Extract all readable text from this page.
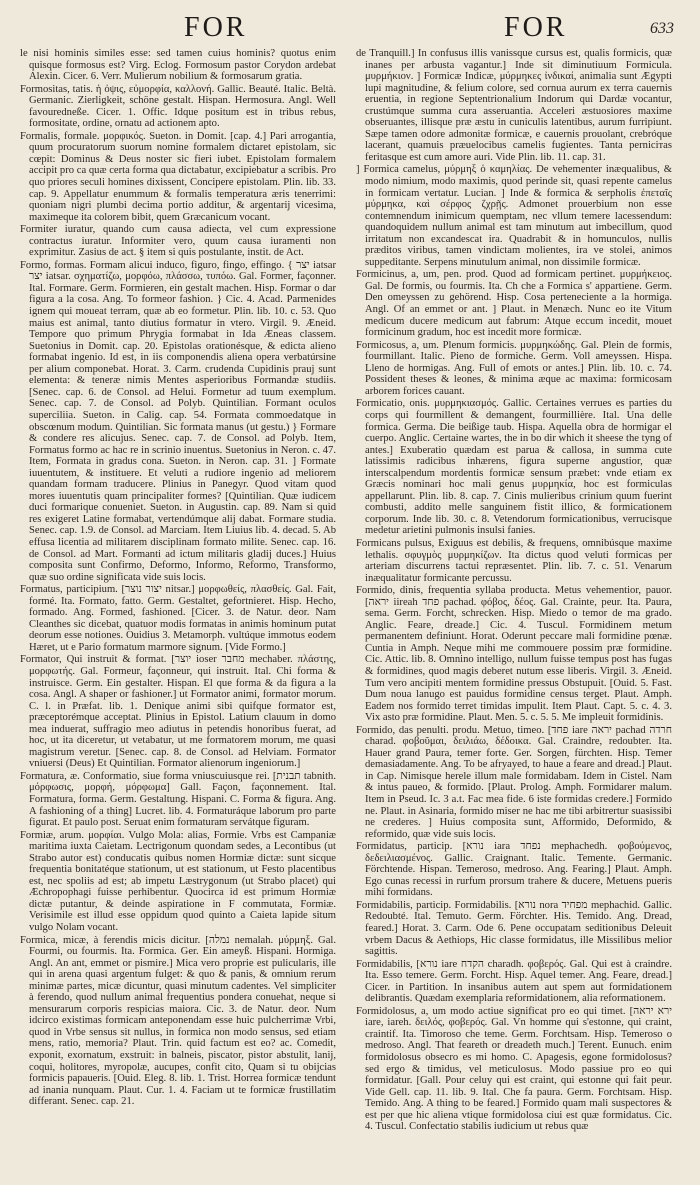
FOR	FOR	633

le nisi hominis similes esse: sed tamen cuius hominis? quotus enim quisque formosus est? Virg. Eclog. Formosum pastor Corydon ardebat Alexin. Cicer. 6. Verr. Mulierum nobilium & formosarum gratia.

Formositas, tatis. ἡ ὀψις, εὐμορφία, καλλονή. Gallic. Beauté. Italic. Beltà. Germanic. Zierligkeit, schöne gestalt. Hispan. Hermosura. Angl. Well favouredneße. Cicer. 1. Offic. Idque positum est in tribus rebus, formositate, ordine, ornatu ad actionem apto.

Formalis, formale. μορφικός. Sueton. in Domit. [cap. 4.] Pari arrogantia, quum procuratorum suorum nomine formalem dictaret epistolam, sic cœpit: Dominus & Deus noster sic fieri iubet. Epistolam formalem accipit pro ca quæ certa forma qua dictabatur, excipiebatur a scribis. Pro quo priores seculi homines dixissent, Concipere epistolam. Plin. lib. 33. cap. 9. Appellatur enummum & formalis temperatura æris tenerrimi: quoniam nigri plumbi decima portio additur, & argentarij vicesima, maximeque ita colorem bibit, quem Græcanicum vocant.

Formiter iuratur, quando cum causa adiecta, vel cum expressione contractus iuratur. Informiter vero, quum causa iuramenti non exprimitur. Zasius de act. § item si quis postulante, instit. de Act.

Formo, formas. Formam alicui induco, figuro, fingo, effingo. { יצר iatsar יצר iatsar. σχηματίζω, μορφόω, πλάσσω, τυπόω. Gal. Former, façonner. Ital. Formare. Germ. Formieren, ein gestalt machen. Hisp. Formar o dar figura a la cosa. Ang. To formeor fashion. } Cic. 4. Acad. Parmenides ignem qui moueat terram, quæ ab eo formetur. Plin. lib. 10. c. 53. Quo maius est animal, tanto diutius formatur in vtero. Virgil. 9. Æneid. Tempore quo primum Phrygia formabat in Ida Æneas classem. Suetonius in Domit. cap. 20. Epistolas orationésque, & edicta alieno formabat ingenio. Id est, in iis componendis aliena opera verbatúrsine per alium componebat. Horat. 3. Carm. crudenda Cupidinis prauj sunt elementa: & teneræ nimis Mentes asperioribus Formandæ studiis. [Senec. cap. 6. de Consol. ad Helui. Formetur ad tuum exemplum. Senec. cap. 7. de Consol. ad Polyb. Quintilian. Formant oculos superciliia. Sueton. in Calig. cap. 54. Formata commoedatque in obscœnum modum. Quintilian. Sic formata manus (ut gestu.) } Formare & condere res alicujus. Senec. cap. 7. de Consol. ad Polyb. Item, Formatus formo ac hac re in scrinio inuentus. Suetonius in Neron. c. 47. Item, Formata in gradus cona. Sueton. in Neron. cap. 31. ] Formate iuuentutem, & instituere. Et veluti a rudiore ingenio ad meliorem quandam formam traducere. Plinius in Panegyr. Quod vitam quod mores iuuentutis quam principaliter formes? [Quintilian. Quæ iudicem duci formarique conueniet. Sueton. in Augustin. cap. 89. Nam si quid res exigeret Latine formabat, vertendúmque alij dabat. Formare studia. Senec. cap. 1.9. de Consol. ad Marciam. Item Liuius lib. 4. decad. 5. Ab effusa licentia ad militarem disciplinam formato milite. Senec. cap. 16. de Consol. ad Mart. Formanti ad ictum militaris gladij duces.] Huius composita sunt Confirmo, Deformo, Informo, Reformo, Transformo, quæ suo ordine significata vide suis locis.

Formatus, participium. [יצור נוצר nitsar.] μορφωθείς, πλασθείς. Gal. Fait, formé. Ita. Formato, fatto. Germ. Gestaltet, gefortnieret. Hisp. Hecho, formado. Ang. Formed, fashioned. [Cicer. 3. de Natur. deor. Nam Cleanthes sic dicebat, quatuor modis formatas in animis hominum putat deorum esse notiones. Ouidius 3. Metamorph. vultúque immotus eodem Hæret, ut e Pario formatum marmore signum. [Vide Formo.]

Formator, Qui instruit & format. [יוצר ioser מחבר mechaber. πλάστης, μορφωτής. Gal. Formeur, façonneur, qui instruit. Ital. Chi forma & instruisce. Germ. Ein gestalter. Hispan. El que forma & da figura a la cosa. Angl. A shaper or fashioner.] ut Formator animi, formator morum. C. l. in Præfat. lib. 1. Denique animi sibi quifque formator est, præceptorémque acceptat. Plinius in Epistol. Latium clauum in domo mea induerat, suffragio meo adiutus in petendis honoribus fuerat, ad hoc, ut ita diceretur, ut vetabatur, ut me formatorem morum, me quasi magistrum veretur. [Senec. cap. 8. de Consol. ad Helviam. Formator vniuersi (Deus) Et Quintilian. Formator alienorum ingeniorum.]

Formatura, æ. Conformatio, siue forma vniuscuiusque rei. [תבנית tabnith. μόρφωσις, μορφή, μόρφωμα] Gall. Façon, façonnement. Ital. Formatura, forma. Germ. Gestaltung. Hispani. C. Forma & figura. Ang. A fashioning of a thing] Lucret. lib. 4. Formaturáque laborum pro parte figurat. Et paulo post. Seruat enim formaturam servátque figuram.

Formiæ, arum. μορφίαι. Vulgo Mola: alias, Formie. Vrbs est Campaniæ maritima iuxta Caietam. Lectrigonum quondam sedes, a Lecontibus (ut Strabo autor est) conducatis quibus nomen Hormiæ dictæ: sunt sicque frequentia bonitatéque stationum, ut est stationum, ut Festo placentibus est, nec spoliis ad est; ab impetu Læstrygonum (ut Strabo placet) qui Æchropophagi fuisse perhibentur. Quocirca id est primum Hormiæ dictæ putantur, & deinde aspiratione in F commutata, Formiæ. Verisimile est illud esse oppidum quod quinto a Caieta lapide situm vulgo Nolam vocant.

Formica, micæ, à ferendis micis dicitur. [נמלה nemalah. μύρμηξ. Gal. Fourmi, ou fourmis. Ita. Formica. Ger. Ein ameyß. Hispani. Hormiga. Angl. An ant, emmet or pismire.] Mica vero proprie est pulicularis, ille qui in arena quasi argentum fulget: & quo & panis, & omnium rerum minimæ partes, micæ dicuntur, quasi minutum cadentes. Vel simpliciter à ferendo, quod nullum animal frequentius pondera conuehat, neque si mensurarum corporis respicias maiora. Cic. 3. de Natur. deor. Num idcirco existimas formicam anteponendam esse huic pulcherrimæ Vrbi, quod in Vrbe sensus sit nullus, in formica non modo sensus, sed etiam mens, ratio, memoria? Plaut. Trin. quid factum est eo? ac. Comedit, exponit, exornatum, exstruit: in balneis, piscator, pistor abstulit, lanij, coqui, holitores, myropolæ, aucupes, confit cito, Quam si tu obijcias formicis papaueris. [Ouid. Eleg. 8. lib. 1. Trist. Horrea formicæ tendunt ad inania nunquam. Plaut. Cur. 1. 4. Faciam ut te formicæ frustillatim differant. Senec. cap. 21.

de Tranquill.] In confusus illis vanissque cursus est, qualis formicis, quæ inanes per arbusta vagantur.] Inde sit diminutiuum Formicula. μυρμήκιον. ] Formicæ Indicæ, μύρμηκες ἰνδικαί, animalia sunt Ægypti lupi magnitudine, & felium colore, sed cornua aurum ex terra cauernis eruentia, in regione Septentrionalium Indorum qui Dardæ vocantur, crustúmque summa cura asseruantia. Acceleri æstuosiores maxime obseruantes, illisque præ æstu in cuniculis latentibus, aurum furripiunt. Sæpe tamen odore admonitæ formicæ, e cauernis prouolant, crebróque lacerant, quamuis præuelocibus camelis fugientes. Tanta perniciтas feritasque est cum amore auri. Vide Plin. lib. 11. cap. 31.

] Formica camelus, μύρμηξ ὁ καμηλίας. De vehementer inæqualibus, & modo nimium, modo maximis, quod perinde sit, quasi repente camelus in formicam vertatur. Lucian. ] Inde & formica & serpholis ἐπεταῖς μύρμηκα, καὶ σέρφος ζχρῇς. Admonet prouerbium non esse contemnendum inimicum quemptam, nec vllum temere lacessendum: quandoquidem nullum animal est tam minutum aut imbecillum, quod irritatum non excandescat ira. Quadrabit & in homunculos, nullis præditos viribus, tamen vindictam molientes, ira ve stolei, animos suppeditante. Serpens minutulum animal, non dissimile formicæ.

Formicinus, a, um, pen. prod. Quod ad formicam pertinet. μυρμήκειος. Gal. De formis, ou fourmis. Ita. Ch che a Formica s' appartiene. Germ. Den omeyssen zu gehörend. Hisp. Cosa perteneciente a la hormiga. Angl. Of an emmet or ant. ] Plaut. in Menæch. Nunc eo ite Vitum medicum ducere medicum aut fabrum: Atque eccum incedit, mouet formicinum gradum, hoc est incedit more formicæ.

Formicosus, a, um. Plenum formicis. μυρμηκώδης. Gal. Plein de formis, fourmillant. Italic. Pieno de formiche. Germ. Voll ameyssen. Hispa. Lleno de hormigas. Ang. Full of emots or antes.] Plin. lib. 10. c. 74. Possident theses & leones, & minima æque ac maxima: formicosam arborem forices cauant.

Formicatio, onis. μυρμηκιασμός. Gallic. Certaines verrues es parties du corps qui fourmillent & demangent, fourmillière. Ital. Una delle formica. Germa. Die beißige taub. Hispa. Aquella obra de hormigar el cuerpo. Anglic. Certaine wartes, the in bo dir which it sheese the tyng of antes.] Exuberatio quædam est parua & callosa, in summa cute latissimis radicibus inhærens, figura superne angustior, quæ interscalpendum mordentis formicæ sensum præbet: vnde etiam ex Græcis nominari hoc mali genus μυρμηκία, hoc est formiculas appellarunt. Plin. lib. 8. cap. 7. Cinis mulieribus crinium quum fuerint combusti, addito melle sanguinem fistit illico, & formicationem corporum. Inde lib. 30. c. 8. Vetendorum formicationibus, verrucisque medetur arietini pulmonis insulsi fanies.

Formicans pulsus, Exiguus est debilis, & frequens, omnibúsque maxime lethalis. σφυγμὸς μυρμηκίζων. Ita dictus quod veluti formicas per arteriam discurrens tactui repræsentet. Plin. lib. 7. c. 51. Venarum inæqualitatur formicante percussu.

Formido, dinis, frequentia syllaba producta. Metus vehementior, pauor. [יראה iireah פחד pachad. φόβος, δέος. Gal. Crainte, peur. Ita. Paura, sema. Germ. Forcht, schrecken. Hisp. Miedo o temor de ma grado. Anglic. Feare, dreade.] Cic. 4. Tuscul. Formidinem metum permanentem definiunt. Horat. Oderunt peccare mali formidine pœnæ. Cuntia in Amph. Neque mihi me commouere possim præ formidine. Cic. Attic. lib. 8. Omnino intelligo, nullum fuisse tempus post has fugas & formidines, quod magis deberet nutum esse liberis. Virgil. 3. Æneid. Tum vero ancipiti mentem formidine pressus Obstupuit. [Ouid. 5. Fast. Dum noua lanugo est pauidus formidine census terget. Plaut. Amph. Eadem nos formido terret timidas impulit. Item Plaut. Capt. 5. c. 4. 3. Vix asto præ formidine. Plaut. Men. 5. c. 5. 5. Me impleuit formidinis.

Formido, das penulti. produ. Metuo, timeo. [פחד iare יראה pachad חרדה charad. φοβοῦμαι, δειλιάω, δέδοικα. Gal. Craindre, redoubter. Ita. Hauer grand Paura, temer forte. Ger. Sorgen, fürchten. Hisp. Temer demasiadamente. Ang. To be afryayed, to haue a feare and dread.] Plaut. in Cap. Nimisque herele illum male formidabam. Idem in Cistel. Nam & intus paueo, & formido. [Plaut. Prolog. Amph. Formidarer malum. Item in Pseud. Ic. 3 a.t. Fac mea fide. 6 iste formidas credere.] Formido ne. Plaut. in Asinaria, formido miser ne hac me tibi arbitrertur suasissibi ne crederes. ] Huius composita sunt, Afformido, Deformido, & reformido, quæ vide suis locis.

Formidatus, particip. [נורא iara נפחד mephachedh. φοβούμενος, δεδειλιασμένος. Gallic. Craignant. Italic. Temente. Germanic. Förchtende. Hispan. Temeroso, medroso. Ang. Fearing.] Plaut. Amph. Ego cunas recessi in rurfum prorsum trahere & ducere, Metuens pueris mihi formidans.

Formidabilis, particip. Formidabilis. [נורא nora מפחיד mephachid. Gallic. Redoubté. Ital. Temuto. Germ. Förchter. His. Temido. Ang. Dread, feared.] Horat. 3. Carm. Ode 6. Pene occupatam seditionibus Deleuit vrbem Dacus & Aethiops, Hic classe formidatus, ille Missilibus melior sagittis.

Formidabilis, [נורא iare הקדח charadh. φοβερός. Gal. Qui est à craindre. Ita. Esso temere. Germ. Forcht. Hisp. Aquel temer. Ang. Feare, dread.] Cicer. in Partition. In insanibus autem aut spem aut formidationem delibrantis. Quædam exemplaria reformidationem, alia reformationem.

Formidolosus, a, um modo actiue significat pro eo qui timet. [ירא יראה iare, iareh. δειλός, φοβερός. Gal. Vn homme qui s'estonne, qui craint, craintif. Ita. Timoroso che teme. Germ. Forchtsam. Hisp. Temeroso o medroso. Angl. That feareth or dreadeth much.] Terent. Eunuch. enim formidolosus obsecro es mi homo. C. Apagesis, egone formidolosus? sed ergo & timidus, vel meticulosus. Modo passiue pro eo qui formidatur. [Gall. Pour celuy qui est craint, qui estonne qui fait peur. Vide Gell. cap. 11. lib. 9. Ital. Che fa paura. Germ. Forchtsam. Hisp. Temido. Ang. A thing to be feared.] Formido quam mali suspectores & est per que hic aliena vtique formidolosa ciui est quæ formidatus. Cic. 4. Tuscul. Confectatio stabilis iudicium ut rebus quæ
